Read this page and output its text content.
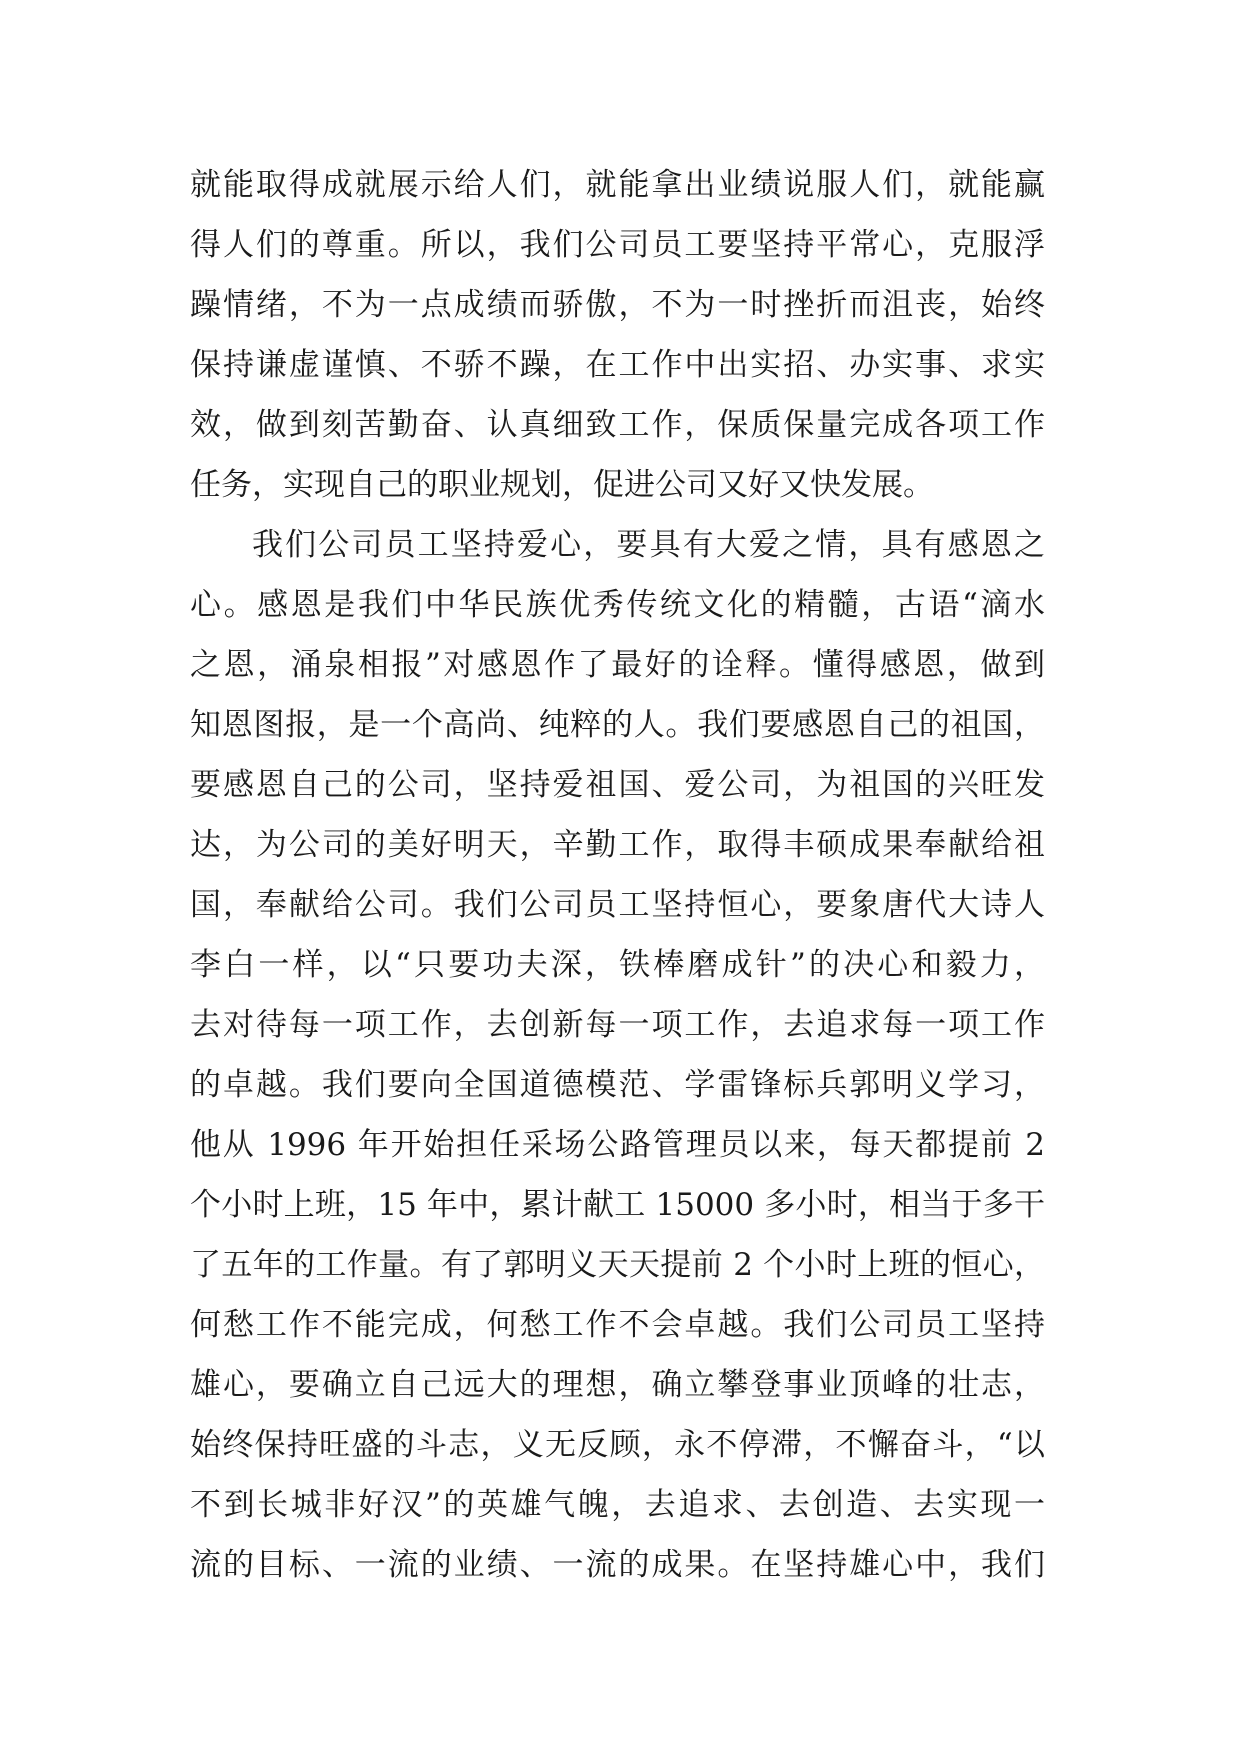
就能取得成就展示给人们，就能拿出业绩说服人们，就能赢
得人们的尊重。所以，我们公司员工要坚持平常心，克服浮
躁情绪，不为一点成绩而骄傲，不为一时挫折而沮丧，始终
保持谦虚谨慎、不骄不躁，在工作中出实招、办实事、求实
效，做到刻苦勤奋、认真细致工作，保质保量完成各项工作
任务，实现自己的职业规划，促进公司又好又快发展。
我们公司员工坚持爱心，要具有大爱之情，具有感恩之
心。感恩是我们中华民族优秀传统文化的精髓，古语“滴水
之恩，涌泉相报”对感恩作了最好的诠释。懂得感恩，做到
知恩图报，是一个高尚、纯粹的人。我们要感恩自己的祖国，
要感恩自己的公司，坚持爱祖国、爱公司，为祖国的兴旺发
达，为公司的美好明天，辛勤工作，取得丰硕成果奉献给祖
国，奉献给公司。我们公司员工坚持恒心，要象唐代大诗人
李白一样，以“只要功夫深，铁棒磨成针”的决心和毅力，
去对待每一项工作，去创新每一项工作，去追求每一项工作
的卓越。我们要向全国道德模范、学雷锋标兵郭明义学习，
他从 1996 年开始担任采场公路管理员以来，每天都提前 2
个小时上班，15 年中，累计献工 15000 多小时，相当于多干
了五年的工作量。有了郭明义天天提前 2 个小时上班的恒心，
何愁工作不能完成，何愁工作不会卓越。我们公司员工坚持
雄心，要确立自己远大的理想，确立攀登事业顶峰的壮志，
始终保持旺盛的斗志，义无反顾，永不停滞，不懈奋斗，“以
不到长城非好汉”的英雄气魄，去追求、去创造、去实现一
流的目标、一流的业绩、一流的成果。在坚持雄心中，我们
